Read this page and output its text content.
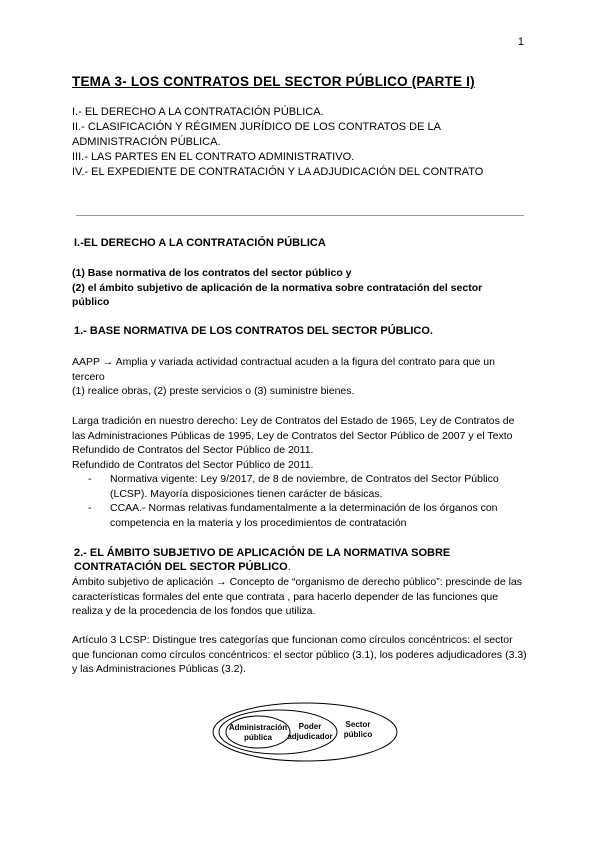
1
TEMA 3- LOS CONTRATOS DEL SECTOR PÚBLICO (PARTE I)
I.- EL DERECHO A LA CONTRATACIÓN PÚBLICA.
II.- CLASIFICACIÓN Y RÉGIMEN JURÍDICO DE LOS CONTRATOS DE LA ADMINISTRACIÓN PÚBLICA.
III.- LAS PARTES EN EL CONTRATO ADMINISTRATIVO.
IV.- EL EXPEDIENTE DE CONTRATACIÓN Y LA ADJUDICACIÓN DEL CONTRATO
I.-EL DERECHO A LA CONTRATACIÓN PÚBLICA
(1) Base normativa de los contratos del sector público y
(2) el ámbito subjetivo de aplicación de la normativa sobre contratación del sector público
1.- BASE NORMATIVA DE LOS CONTRATOS DEL SECTOR PÚBLICO.
AAPP → Amplia y variada actividad contractual acuden a la figura del contrato para que un tercero
(1) realice obras, (2) preste servicios o (3) suministre bienes.
Larga tradición en nuestro derecho: Ley de Contratos del Estado de 1965, Ley de Contratos de las Administraciones Públicas de 1995, Ley de Contratos del Sector Público de 2007 y el Texto Refundido de Contratos del Sector Público de 2011.
Refundido de Contratos del Sector Público de 2011.
-	Normativa vigente: Ley 9/2017, de 8 de noviembre, de Contratos del Sector Público (LCSP). Mayoría disposiciones tienen carácter de básicas.
-	CCAA.- Normas relativas fundamentalmente a la determinación de los órganos con competencia en la materia y los procedimientos de contratación
2.- EL ÁMBITO SUBJETIVO DE APLICACIÓN DE LA NORMATIVA SOBRE CONTRATACIÓN DEL SECTOR PÚBLICO.
Ámbito subjetivo de aplicación → Concepto de “organismo de derecho público”: prescinde de las características formales del ente que contrata , para hacerlo depender de las funciones que realiza y de la procedencia de los fondos que utiliza.
Artículo 3 LCSP: Distingue tres categorías que funcionan como círculos concéntricos: el sector que funcionan como círculos concéntricos: el sector público (3.1), los poderes adjudicadores (3.3) y las Administraciones Públicas (3.2).
Administración
pública
Poder
adjudicador
Sector
público
